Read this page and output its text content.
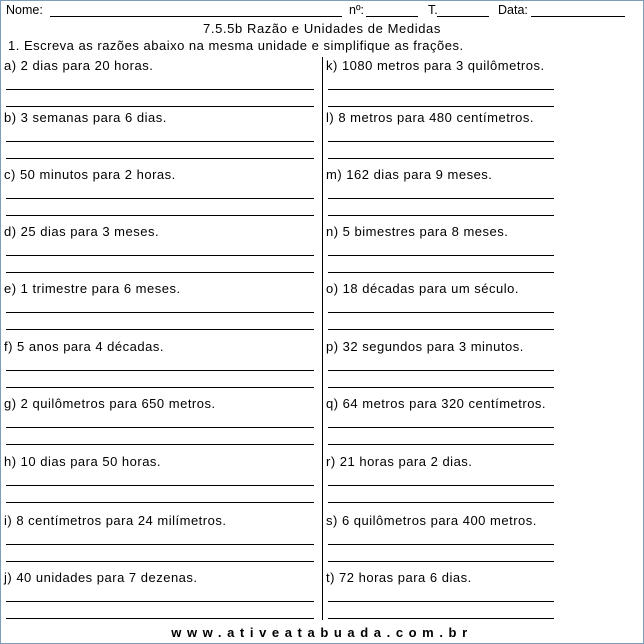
Nome:	nº:	T.	Data:
7.5.5b Razão e Unidades de Medidas
1. Escreva as razões abaixo na mesma unidade e simplifique as frações.
a) 2 dias para 20 horas.
b) 3 semanas para 6 dias.
c) 50 minutos para 2 horas.
d) 25 dias para 3 meses.
e) 1 trimestre para 6 meses.
f) 5 anos para 4 décadas.
g) 2 quilômetros para 650 metros.
h) 10 dias para 50 horas.
i) 8 centímetros para 24 milímetros.
j) 40 unidades para 7 dezenas.
k) 1080 metros para 3 quilômetros.
l) 8 metros para 480 centímetros.
m) 162 dias para 9 meses.
n) 5 bimestres para 8 meses.
o) 18 décadas para um século.
p) 32 segundos para 3 minutos.
q) 64 metros para 320 centímetros.
r) 21 horas para 2 dias.
s) 6 quilômetros para 400 metros.
t) 72 horas para 6 dias.
www.ativeatabuada.com.br
